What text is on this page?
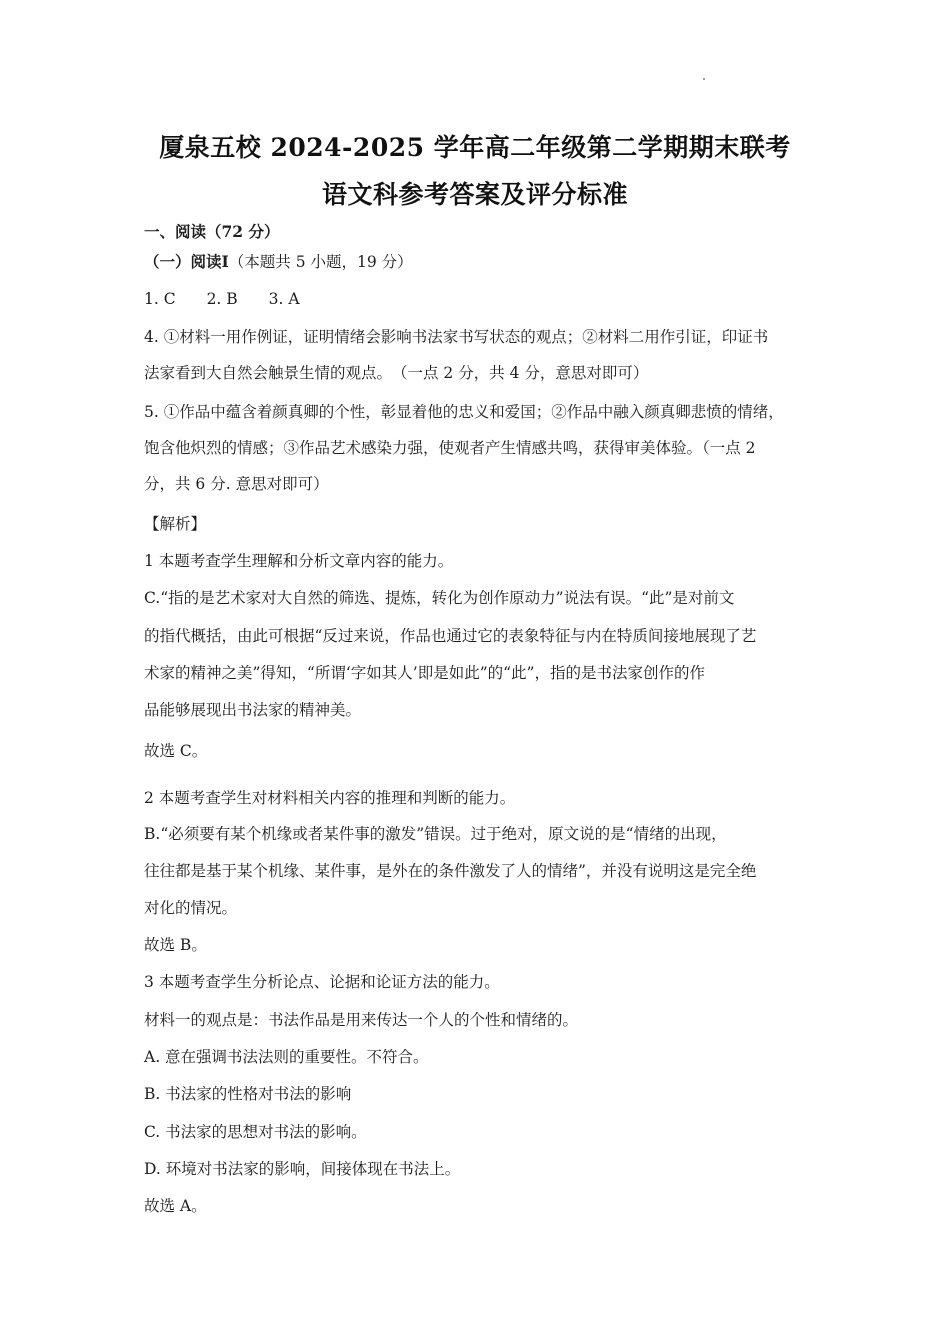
厦泉五校 2024-2025 学年高二年级第二学期期末联考
语文科参考答案及评分标准
一、阅读（72 分）
（一）阅读Ⅰ（本题共 5 小题，19 分）
1. C　　2. B　　3. A
4. ①材料一用作例证，证明情绪会影响书法家书写状态的观点；②材料二用作引证，印证书
法家看到大自然会触景生情的观点。　（一点 2 分，共 4 分，意思对即可）
5. ①作品中蕴含着颜真卿的个性，彰显着他的忠义和爱国；②作品中融入颜真卿悲愤的情绪，
饱含他炽烈的情感；③作品艺术感染力强，使观者产生情感共鸣，获得审美体验。（一点 2
分，共 6 分. 意思对即可）
【解析】
1 本题考查学生理解和分析文章内容的能力。
C.“指的是艺术家对大自然的筛选、提炼，转化为创作原动力”说法有误。“此”是对前文
的指代概括，由此可根据“反过来说，作品也通过它的表象特征与内在特质间接地展现了艺
术家的精神之美”得知，“所谓‘字如其人’即是如此”的“此”，指的是书法家创作的作
品能够展现出书法家的精神美。
故选 C。
2 本题考查学生对材料相关内容的推理和判断的能力。
B.“必须要有某个机缘或者某件事的激发”错误。过于绝对，原文说的是“情绪的出现，
往往都是基于某个机缘、某件事，是外在的条件激发了人的情绪”，并没有说明这是完全绝
对化的情况。
故选 B。
3 本题考查学生分析论点、论据和论证方法的能力。
材料一的观点是：书法作品是用来传达一个人的个性和情绪的。
A. 意在强调书法法则的重要性。不符合。
B. 书法家的性格对书法的影响
C. 书法家的思想对书法的影响。
D. 环境对书法家的影响，间接体现在书法上。
故选 A。
